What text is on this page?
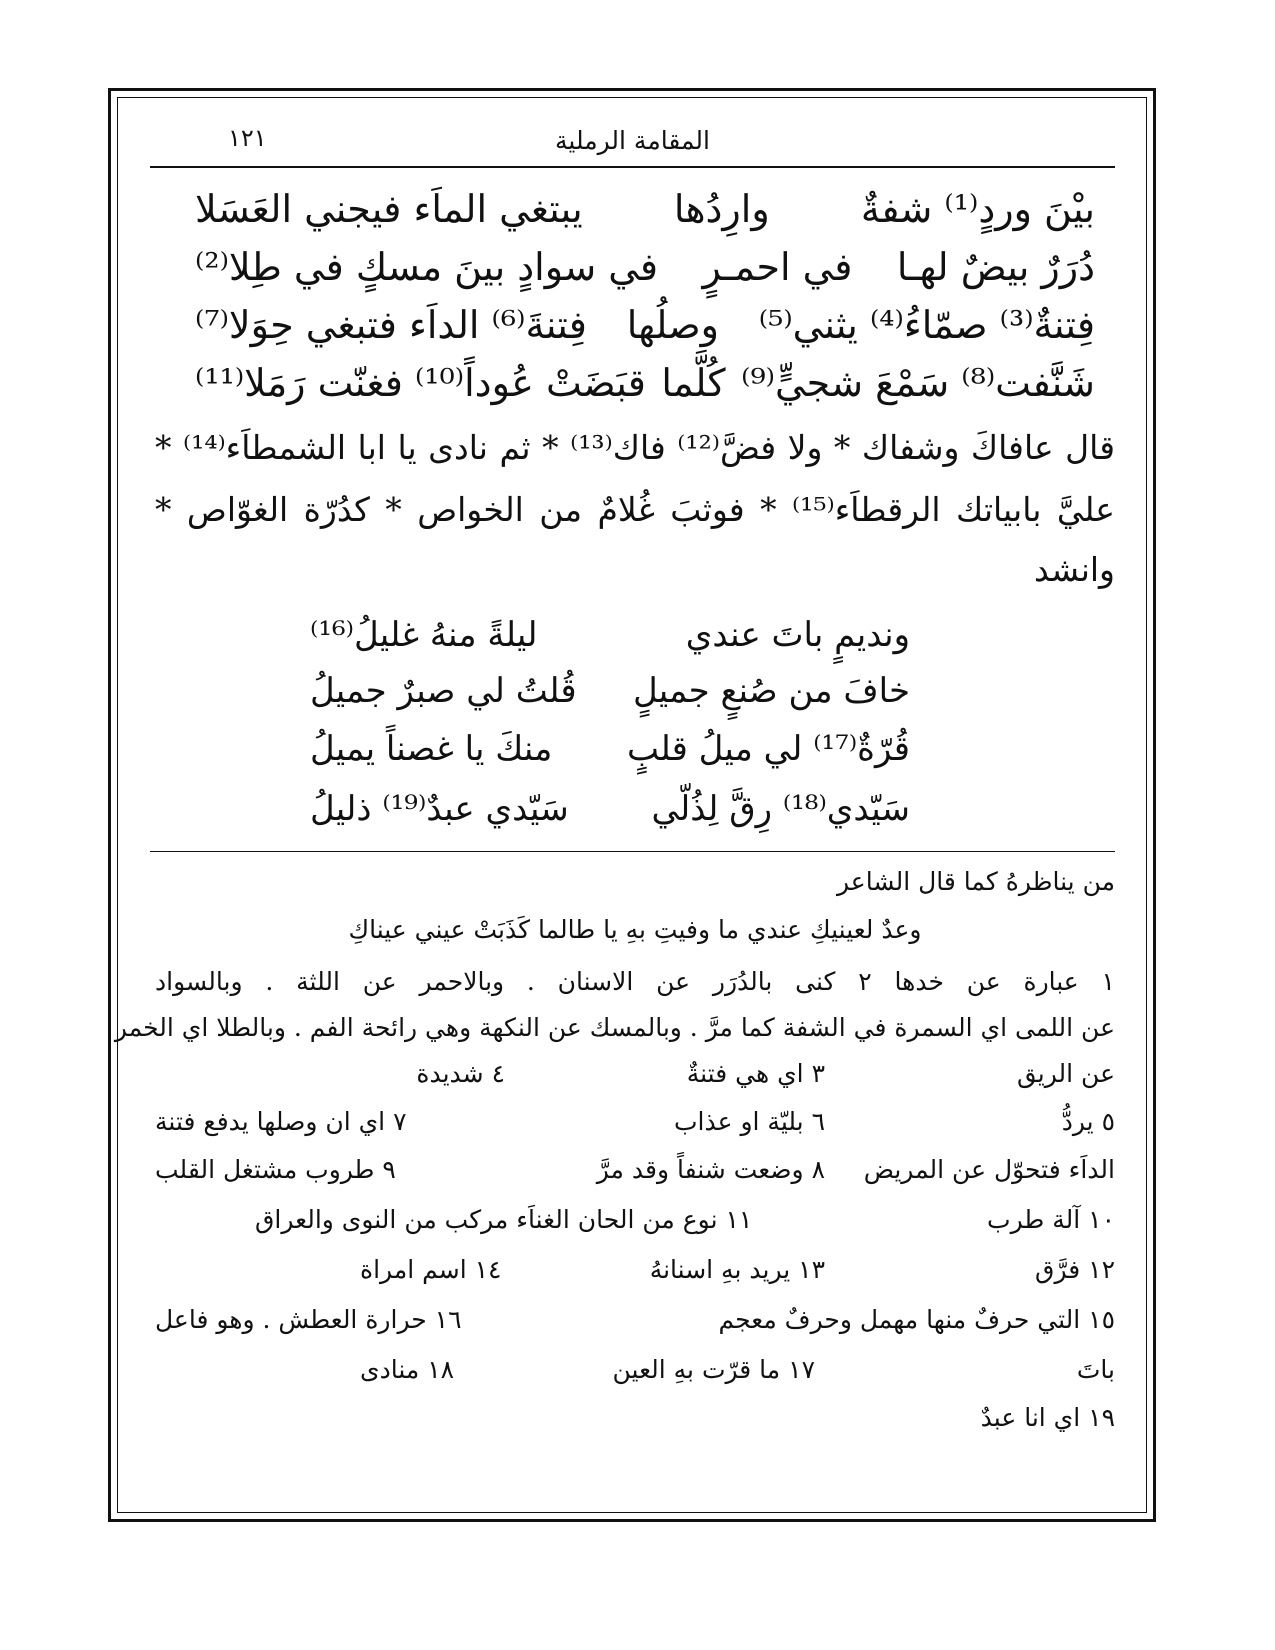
المقامة الرملية
١٢١
بيْنَ وردٍ⁽¹⁾ شفةٌ
وارِدُها
يبتغي الماَء فيجني العَسَلا
دُرَرٌ بيضٌ لهـا
في احمـرٍ
في سوادٍ بينَ مسكٍ في طِلا⁽²⁾
فِتنةٌ⁽³⁾ صمّاءُ⁽⁴⁾ يثني⁽⁵⁾
وصلُها
فِتنةَ⁽⁶⁾ الداَء فتبغي حِوَلا⁽⁷⁾
شَنَّفت⁽⁸⁾ سَمْعَ شجيٍّ⁽⁹⁾
كُلَّما
قبَضَتْ عُوداً⁽¹⁰⁾ فغنّت رَمَلا⁽¹¹⁾
قال عافاكَ وشفاك * ولا فضَّ⁽¹²⁾ فاك⁽¹³⁾ * ثم نادى يا ابا الشمطاَء⁽¹⁴⁾ *
عليَّ بابياتك الرقطاَء⁽¹⁵⁾ * فوثبَ غُلامٌ من الخواص * كدُرّة الغوّاص *
وانشد
ونديمٍ باتَ عندي
ليلةً منهُ غليلُ⁽¹⁶⁾
خافَ من صُنعٍ جميلٍ
قُلتُ لي صبرٌ جميلُ
قُرّةٌ⁽¹⁷⁾ لي ميلُ قلبٍ
منكَ يا غصناً يميلُ
سَيّدي⁽¹⁸⁾ رِقَّ لِذُلّي
سَيّدي عبدٌ⁽¹⁹⁾ ذليلُ
من يناظرهُ كما قال الشاعر
وعدٌ لعينيكِ عندي ما وفيتِ بهِ يا طالما كَذَبَتْ عيني عيناكِ
١ عبارة عن خدها ٢ كنى بالدُرَر عن الاسنان . وبالاحمر عن اللثة . وبالسواد
عن اللمى اي السمرة في الشفة كما مرَّ . وبالمسك عن النكهة وهي رائحة الفم . وبالطلا اي الخمر
عن الريق
٣ اي هي فتنةٌ
٤ شديدة
٥ يردُّ
٦ بليّة او عذاب
٧ اي ان وصلها يدفع فتنة
الداَء فتحوّل عن المريض
٨ وضعت شنفاً وقد مرَّ
٩ طروب مشتغل القلب
١٠ آلة طرب
١١ نوع من الحان الغناَء مركب من النوى والعراق
١٢ فرَّق
١٣ يريد بهِ اسنانهُ
١٤ اسم امراة
١٥ التي حرفٌ منها مهمل وحرفٌ معجم
١٦ حرارة العطش . وهو فاعل
باتَ
١٧ ما قرّت بهِ العين
١٨ منادى
١٩ اي انا عبدٌ
